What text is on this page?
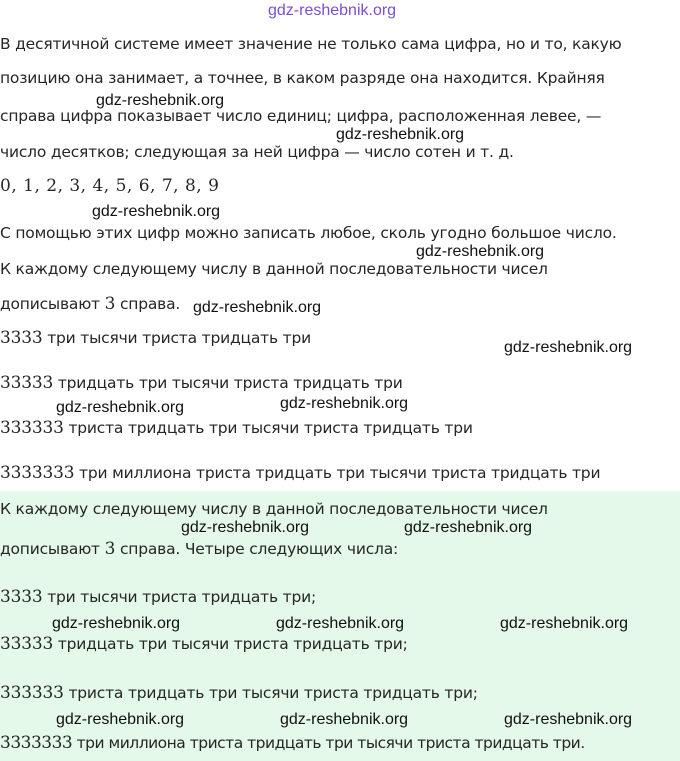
gdz-reshebnik.org
gdz-reshebnik.org
gdz-reshebnik.org
gdz-reshebnik.org
gdz-reshebnik.org
gdz-reshebnik.org
gdz-reshebnik.org
gdz-reshebnik.org	gdz-reshebnik.org
gdz-reshebnik.org	gdz-reshebnik.org
gdz-reshebnik.org	gdz-reshebnik.org	gdz-reshebnik.org
gdz-reshebnik.org	gdz-reshebnik.org	gdz-reshebnik.org
В десятичной системе имеет значение не только сама цифра, но и то, какую
позицию она занимает, а точнее, в каком разряде она находится. Крайняя
справа цифра показывает число единиц; цифра, расположенная левее, —
число десятков; следующая за ней цифра — число сотен и т. д.
0, 1, 2, 3, 4, 5, 6, 7, 8, 9
С помощью этих цифр можно записать любое, сколь угодно большое число.
К каждому следующему числу в данной последовательности чисел
дописывают 3 справа.
3333 три тысячи триста тридцать три
33333 тридцать три тысячи триста тридцать три
333333 триста тридцать три тысячи триста тридцать три
3333333 три миллиона триста тридцать три тысячи триста тридцать три
К каждому следующему числу в данной последовательности чисел
дописывают 3 справа. Четыре следующих числа:
3333 три тысячи триста тридцать три;
33333 тридцать три тысячи триста тридцать три;
333333 триста тридцать три тысячи триста тридцать три;
3333333 три миллиона триста тридцать три тысячи триста тридцать три.
